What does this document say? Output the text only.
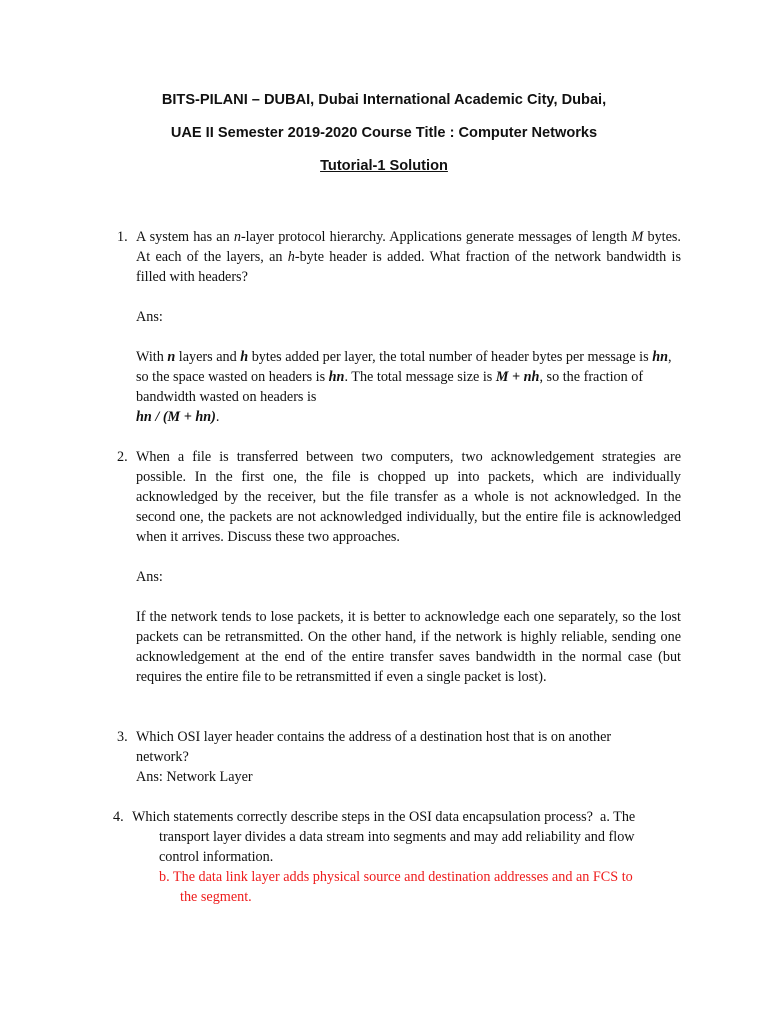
BITS-PILANI – DUBAI, Dubai International Academic City, Dubai,
UAE II Semester 2019-2020 Course Title : Computer Networks
Tutorial-1 Solution
1. A system has an n-layer protocol hierarchy. Applications generate messages of length M bytes. At each of the layers, an h-byte header is added. What fraction of the network bandwidth is filled with headers?
Ans:
With n layers and h bytes added per layer, the total number of header bytes per message is hn, so the space wasted on headers is hn. The total message size is M + nh, so the fraction of bandwidth wasted on headers is
hn / (M + hn).
2. When a file is transferred between two computers, two acknowledgement strategies are possible. In the first one, the file is chopped up into packets, which are individually acknowledged by the receiver, but the file transfer as a whole is not acknowledged. In the second one, the packets are not acknowledged individually, but the entire file is acknowledged when it arrives. Discuss these two approaches.
Ans:
If the network tends to lose packets, it is better to acknowledge each one separately, so the lost packets can be retransmitted. On the other hand, if the network is highly reliable, sending one acknowledgement at the end of the entire transfer saves bandwidth in the normal case (but requires the entire file to be retransmitted if even a single packet is lost).
3. Which OSI layer header contains the address of a destination host that is on another
network?
Ans: Network Layer
4. Which statements correctly describe steps in the OSI data encapsulation process? a. The
transport layer divides a data stream into segments and may add reliability and flow
control information.
b. The data link layer adds physical source and destination addresses and an FCS to
the segment.
